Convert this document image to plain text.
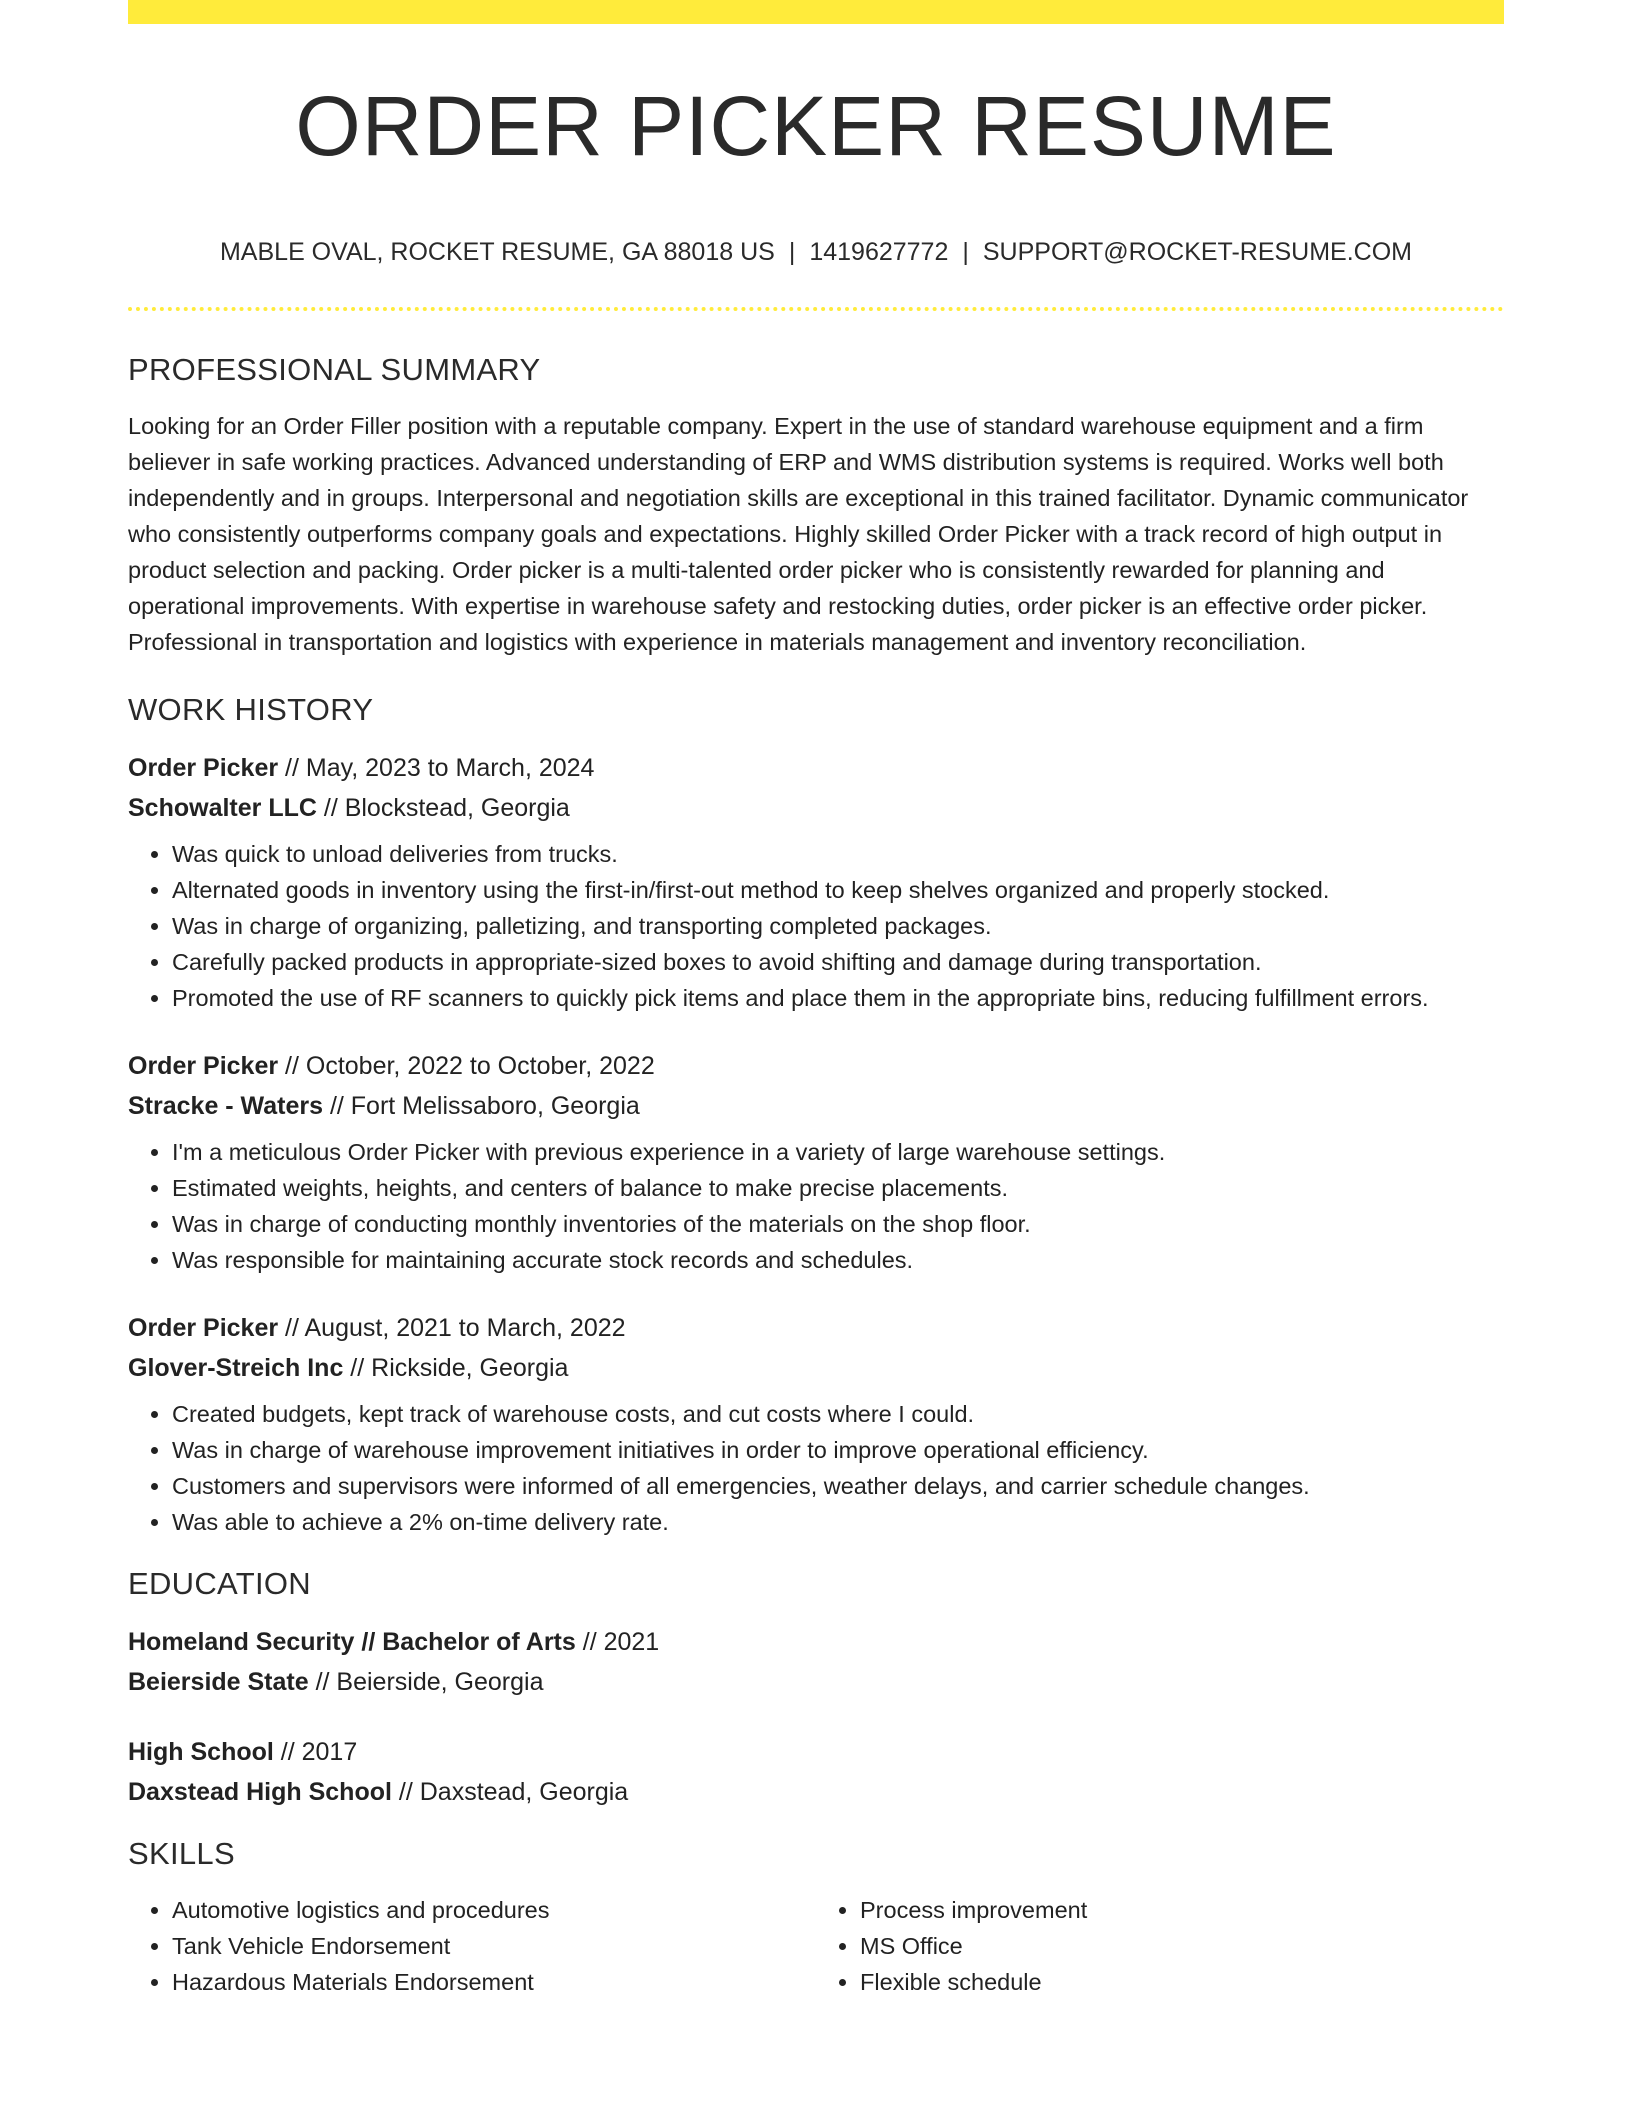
ORDER PICKER RESUME
MABLE OVAL, ROCKET RESUME, GA 88018 US | 1419627772 | SUPPORT@ROCKET-RESUME.COM
PROFESSIONAL SUMMARY

Looking for an Order Filler position with a reputable company. Expert in the use of standard warehouse equipment and a firm believer in safe working practices. Advanced understanding of ERP and WMS distribution systems is required. Works well both independently and in groups. Interpersonal and negotiation skills are exceptional in this trained facilitator. Dynamic communicator who consistently outperforms company goals and expectations. Highly skilled Order Picker with a track record of high output in product selection and packing. Order picker is a multi-talented order picker who is consistently rewarded for planning and operational improvements. With expertise in warehouse safety and restocking duties, order picker is an effective order picker. Professional in transportation and logistics with experience in materials management and inventory reconciliation.

WORK HISTORY
Order Picker // May, 2023 to March, 2024
Schowalter LLC // Blockstead, Georgia
• Was quick to unload deliveries from trucks.
• Alternated goods in inventory using the first-in/first-out method to keep shelves organized and properly stocked.
• Was in charge of organizing, palletizing, and transporting completed packages.
• Carefully packed products in appropriate-sized boxes to avoid shifting and damage during transportation.
• Promoted the use of RF scanners to quickly pick items and place them in the appropriate bins, reducing fulfillment errors.
Order Picker // October, 2022 to October, 2022
Stracke - Waters // Fort Melissaboro, Georgia
• I'm a meticulous Order Picker with previous experience in a variety of large warehouse settings.
• Estimated weights, heights, and centers of balance to make precise placements.
• Was in charge of conducting monthly inventories of the materials on the shop floor.
• Was responsible for maintaining accurate stock records and schedules.
Order Picker // August, 2021 to March, 2022
Glover-Streich Inc // Rickside, Georgia
• Created budgets, kept track of warehouse costs, and cut costs where I could.
• Was in charge of warehouse improvement initiatives in order to improve operational efficiency.
• Customers and supervisors were informed of all emergencies, weather delays, and carrier schedule changes.
• Was able to achieve a 2% on-time delivery rate.
EDUCATION
Homeland Security // Bachelor of Arts // 2021
Beierside State // Beierside, Georgia
High School // 2017
Daxstead High School // Daxstead, Georgia
SKILLS
• Automotive logistics and procedures
• Tank Vehicle Endorsement
• Hazardous Materials Endorsement
• Process improvement
• MS Office
• Flexible schedule
